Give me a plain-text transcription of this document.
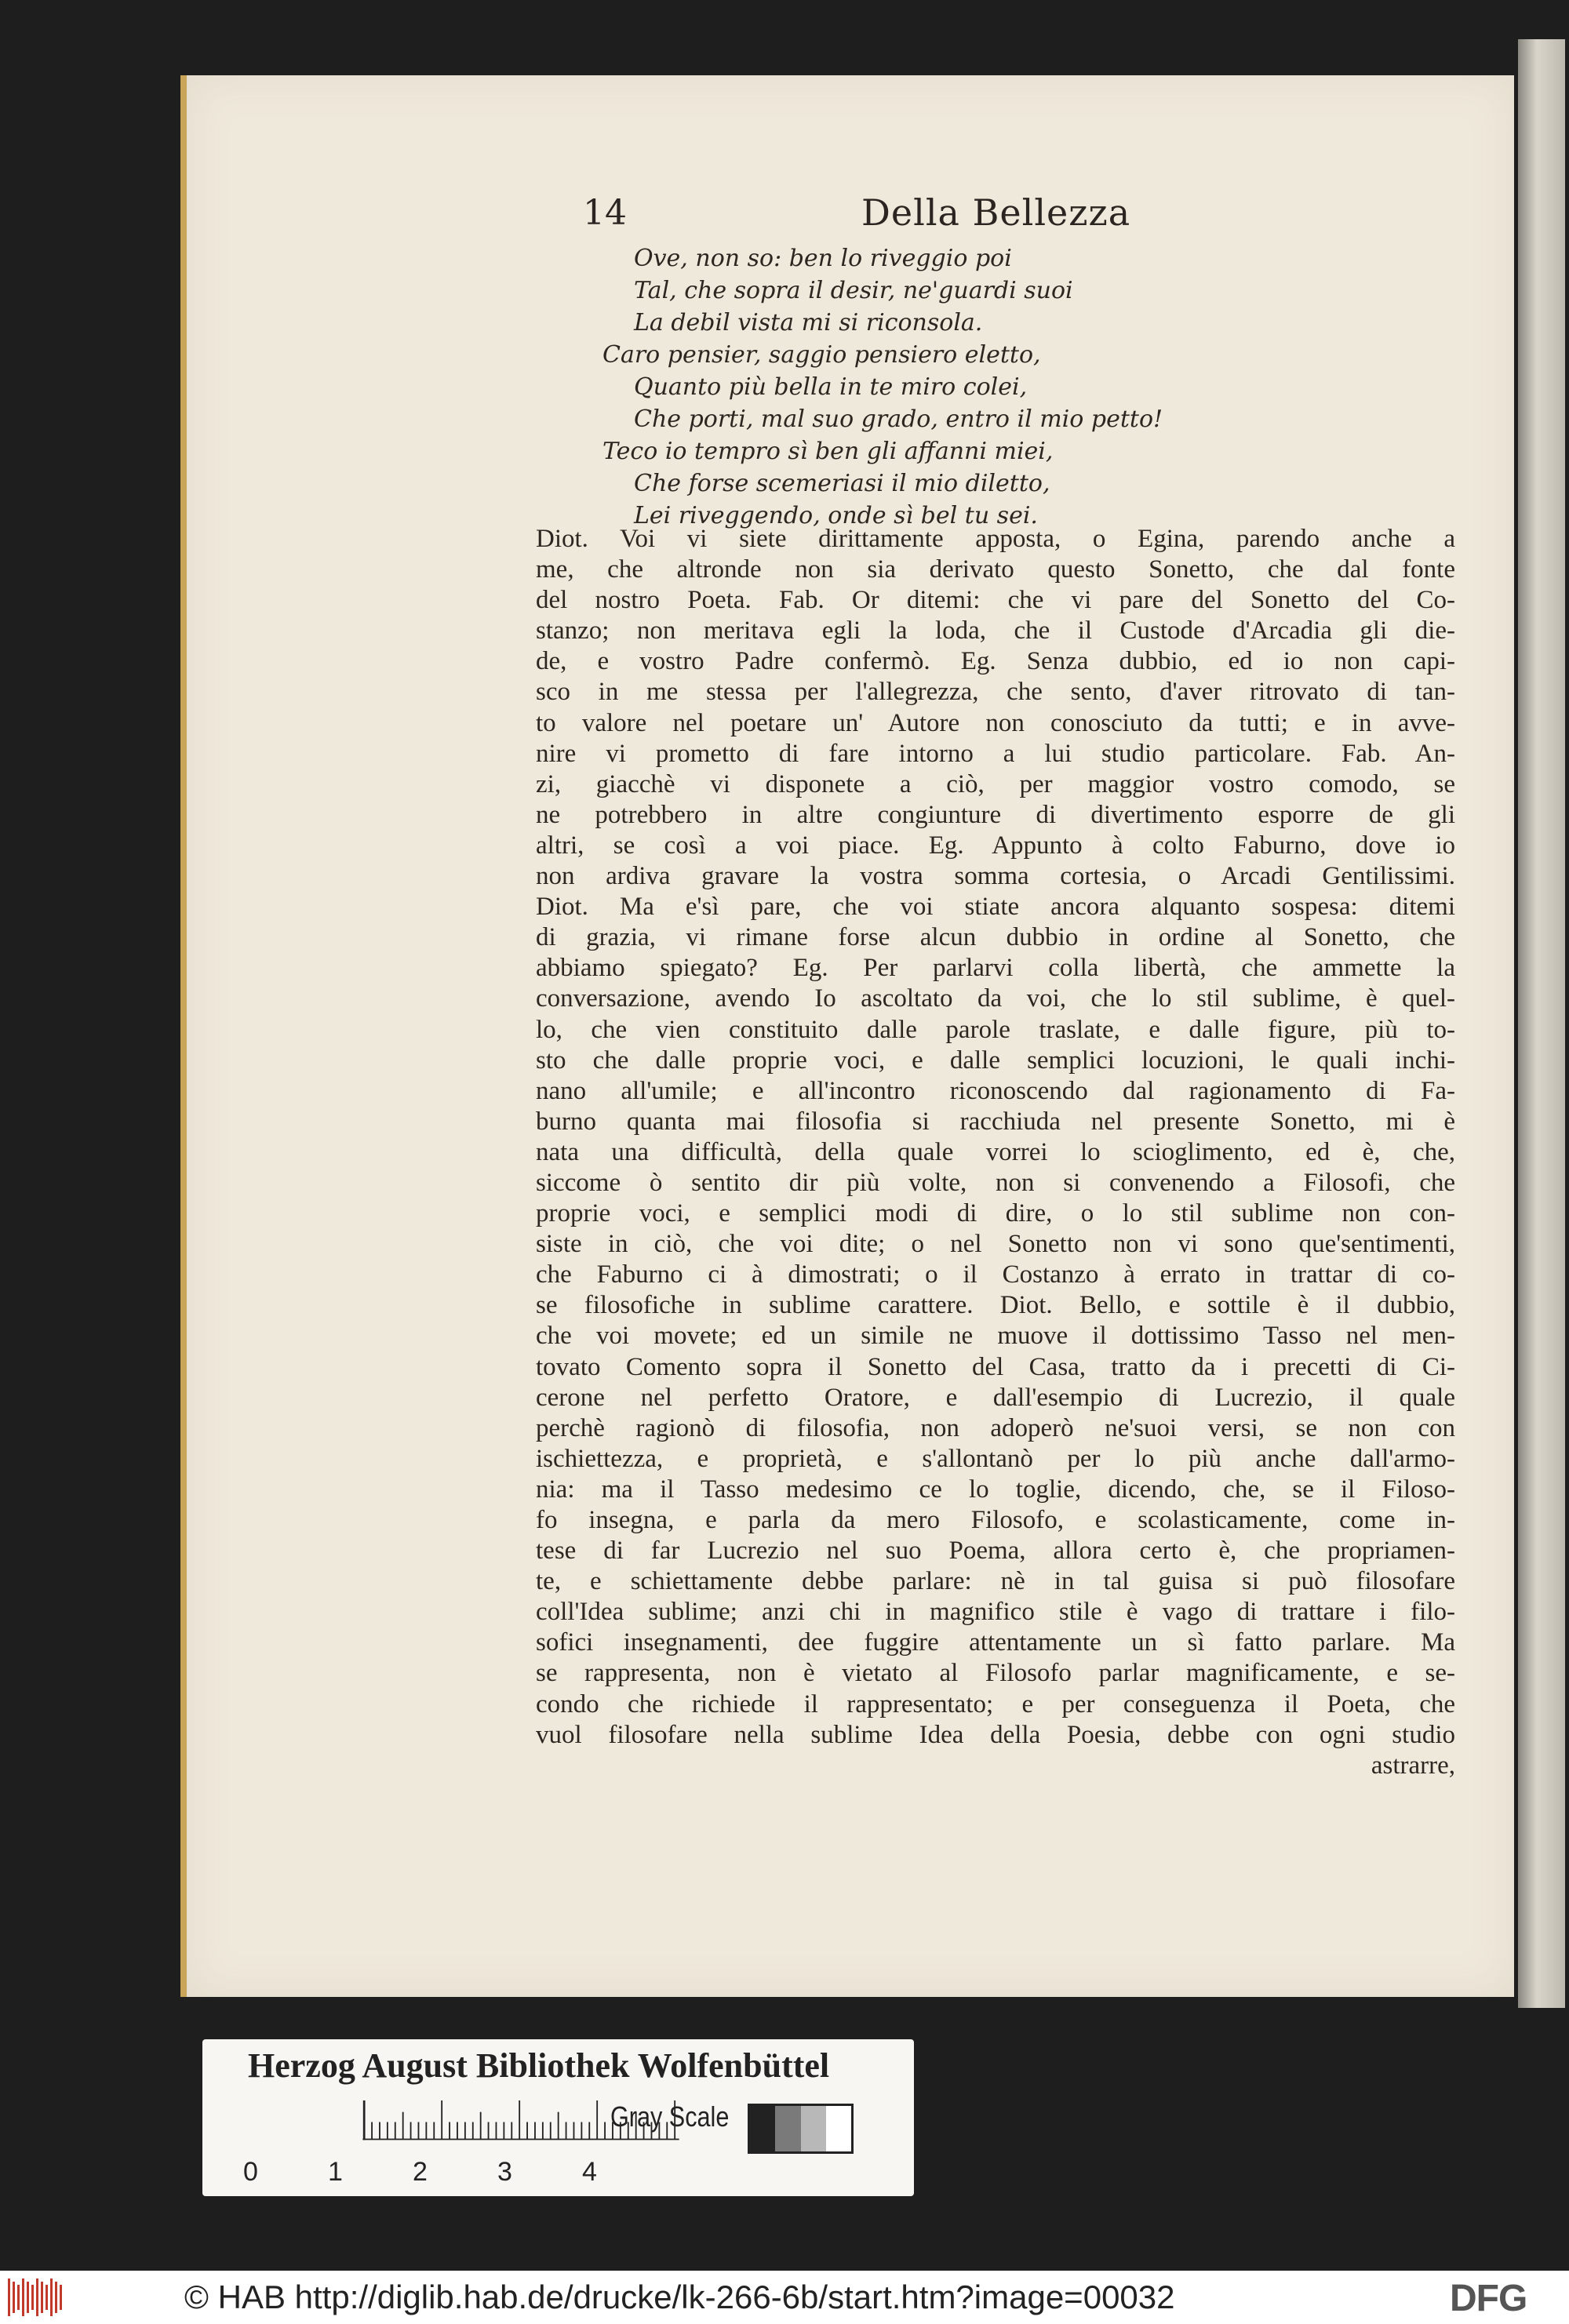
14	Della Bellezza
Ove, non so: ben lo riveggio poi
Tal, che sopra il desir, ne'guardi suoi
La debil vista mi si riconsola.
Caro pensier, saggio pensiero eletto,
Quanto più bella in te miro colei,
Che porti, mal suo grado, entro il mio petto!
Teco io tempro sì ben gli affanni miei,
Che forse scemeriasi il mio diletto,
Lei riveggendo, onde sì bel tu sei.
Diot. Voi vi siete dirittamente apposta, o Egina, parendo anche a
me, che altronde non sia derivato questo Sonetto, che dal fonte
del nostro Poeta. Fab. Or ditemi: che vi pare del Sonetto del Co-
stanzo; non meritava egli la loda, che il Custode d'Arcadia gli die-
de, e vostro Padre confermò. Eg. Senza dubbio, ed io non capi-
sco in me stessa per l'allegrezza, che sento, d'aver ritrovato di tan-
to valore nel poetare un' Autore non conosciuto da tutti; e in avve-
nire vi prometto di fare intorno a lui studio particolare. Fab. An-
zi, giacchè vi disponete a ciò, per maggior vostro comodo, se
ne potrebbero in altre congiunture di divertimento esporre de gli
altri, se così a voi piace. Eg. Appunto à colto Faburno, dove io
non ardiva gravare la vostra somma cortesia, o Arcadi Gentilissimi.
Diot. Ma e'sì pare, che voi stiate ancora alquanto sospesa: ditemi
di grazia, vi rimane forse alcun dubbio in ordine al Sonetto, che
abbiamo spiegato? Eg. Per parlarvi colla libertà, che ammette la
conversazione, avendo Io ascoltato da voi, che lo stil sublime, è quel-
lo, che vien constituito dalle parole traslate, e dalle figure, più to-
sto che dalle proprie voci, e dalle semplici locuzioni, le quali inchi-
nano all'umile; e all'incontro riconoscendo dal ragionamento di Fa-
burno quanta mai filosofia si racchiuda nel presente Sonetto, mi è
nata una difficultà, della quale vorrei lo scioglimento, ed è, che,
siccome ò sentito dir più volte, non si convenendo a Filosofi, che
proprie voci, e semplici modi di dire, o lo stil sublime non con-
siste in ciò, che voi dite; o nel Sonetto non vi sono que'sentimenti,
che Faburno ci à dimostrati; o il Costanzo à errato in trattar di co-
se filosofiche in sublime carattere. Diot. Bello, e sottile è il dubbio,
che voi movete; ed un simile ne muove il dottissimo Tasso nel men-
tovato Comento sopra il Sonetto del Casa, tratto da i precetti di Ci-
cerone nel perfetto Oratore, e dall'esempio di Lucrezio, il quale
perchè ragionò di filosofia, non adoperò ne'suoi versi, se non con
ischiettezza, e proprietà, e s'allontanò per lo più anche dall'armo-
nia: ma il Tasso medesimo ce lo toglie, dicendo, che, se il Filoso-
fo insegna, e parla da mero Filosofo, e scolasticamente, come in-
tese di far Lucrezio nel suo Poema, allora certo è, che propriamen-
te, e schiettamente debbe parlare: nè in tal guisa si può filosofare
coll'Idea sublime; anzi chi in magnifico stile è vago di trattare i filo-
sofici insegnamenti, dee fuggire attentamente un sì fatto parlare. Ma
se rappresenta, non è vietato al Filosofo parlar magnificamente, e se-
condo che richiede il rappresentato; e per conseguenza il Poeta, che
vuol filosofare nella sublime Idea della Poesia, debbe con ogni studio
astrarre,
Herzog August Bibliothek Wolfenbüttel
0	1	2	3	4
Gray Scale
© HAB http://diglib.hab.de/drucke/lk-266-6b/start.htm?image=00032	DFG
